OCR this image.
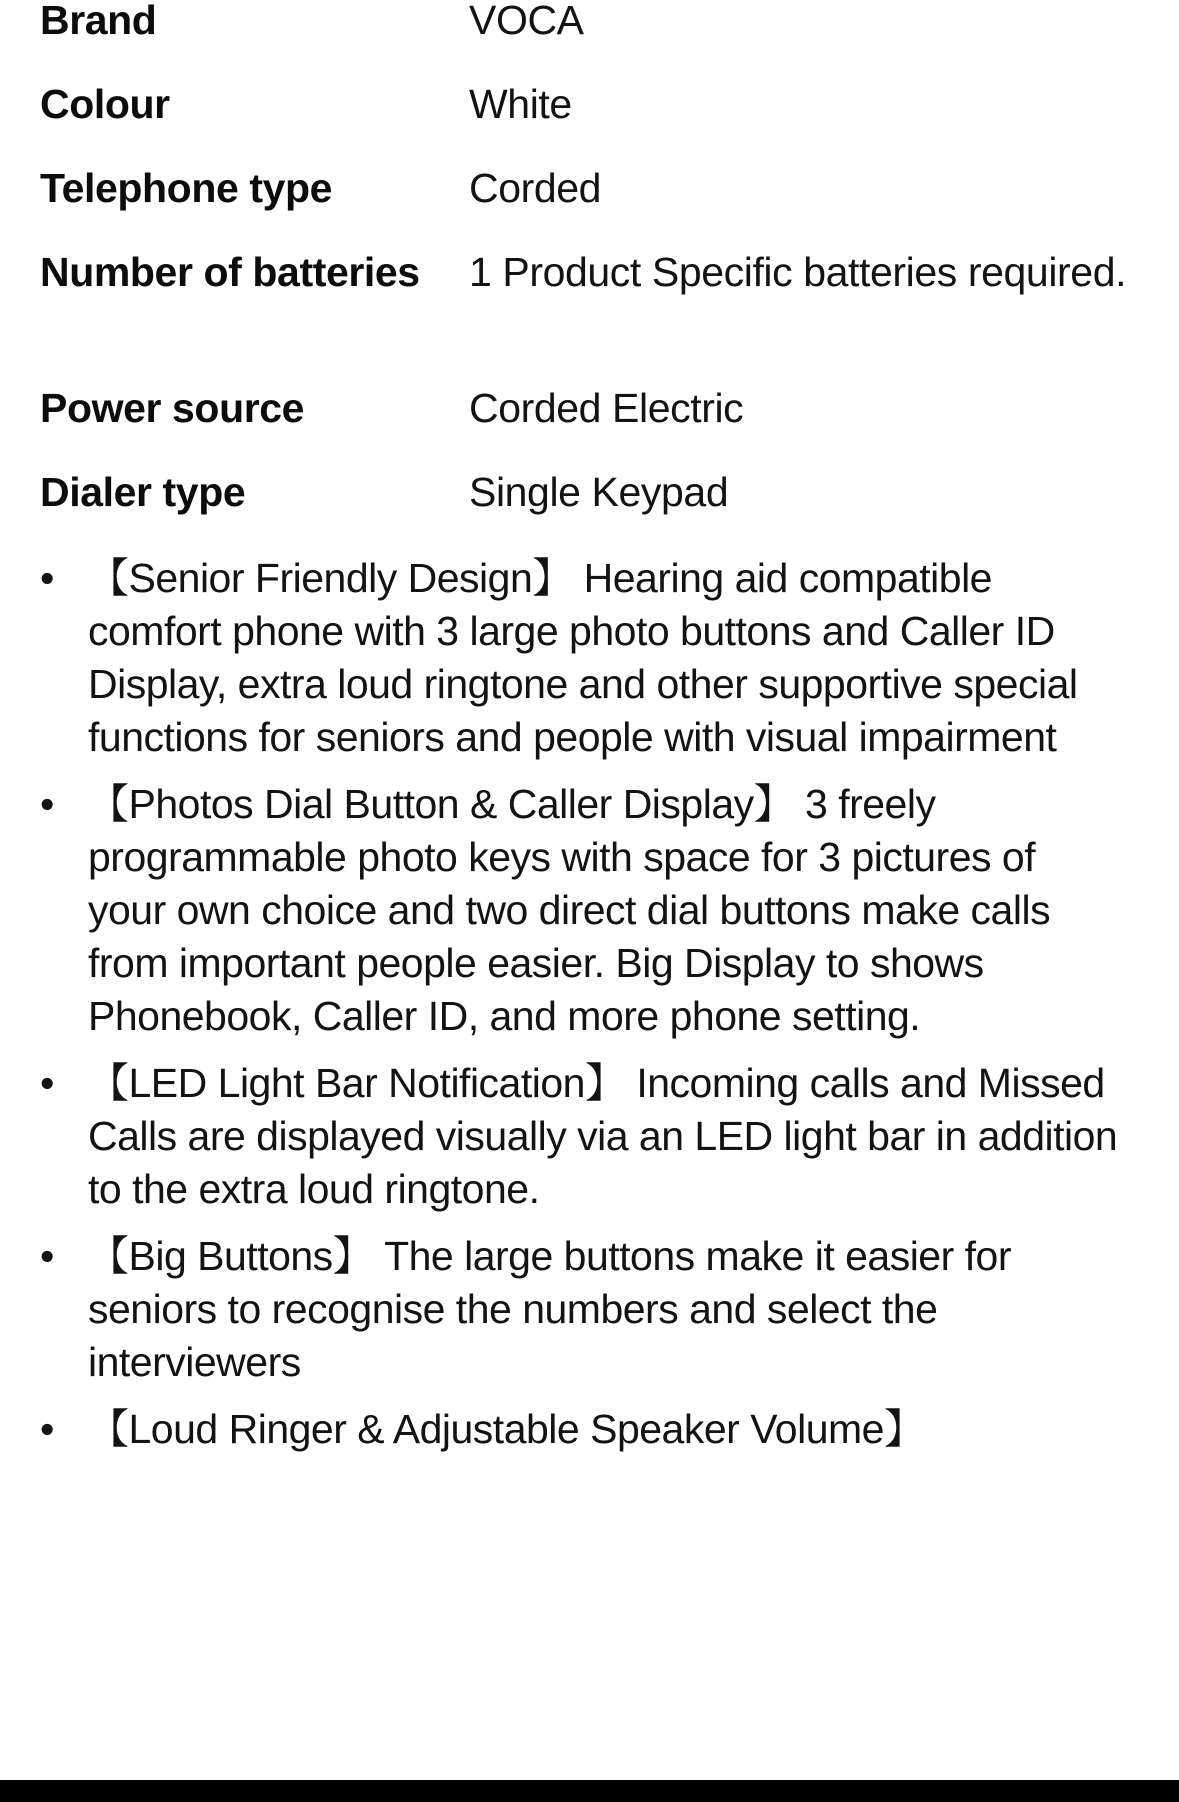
Brand	VOCA
Colour	White
Telephone type	Corded
Number of batteries	1 Product Specific batteries required.
Power source	Corded Electric
Dialer type	Single Keypad
• 【Senior Friendly Design】 Hearing aid compatible comfort phone with 3 large photo buttons and Caller ID Display, extra loud ringtone and other supportive special functions for seniors and people with visual impairment
• 【Photos Dial Button & Caller Display】 3 freely programmable photo keys with space for 3 pictures of your own choice and two direct dial buttons make calls from important people easier. Big Display to shows Phonebook, Caller ID, and more phone setting.
• 【LED Light Bar Notification】 Incoming calls and Missed Calls are displayed visually via an LED light bar in addition to the extra loud ringtone.
• 【Big Buttons】 The large buttons make it easier for seniors to recognise the numbers and select the interviewers
• 【Loud Ringer & Adjustable Speaker Volume】
